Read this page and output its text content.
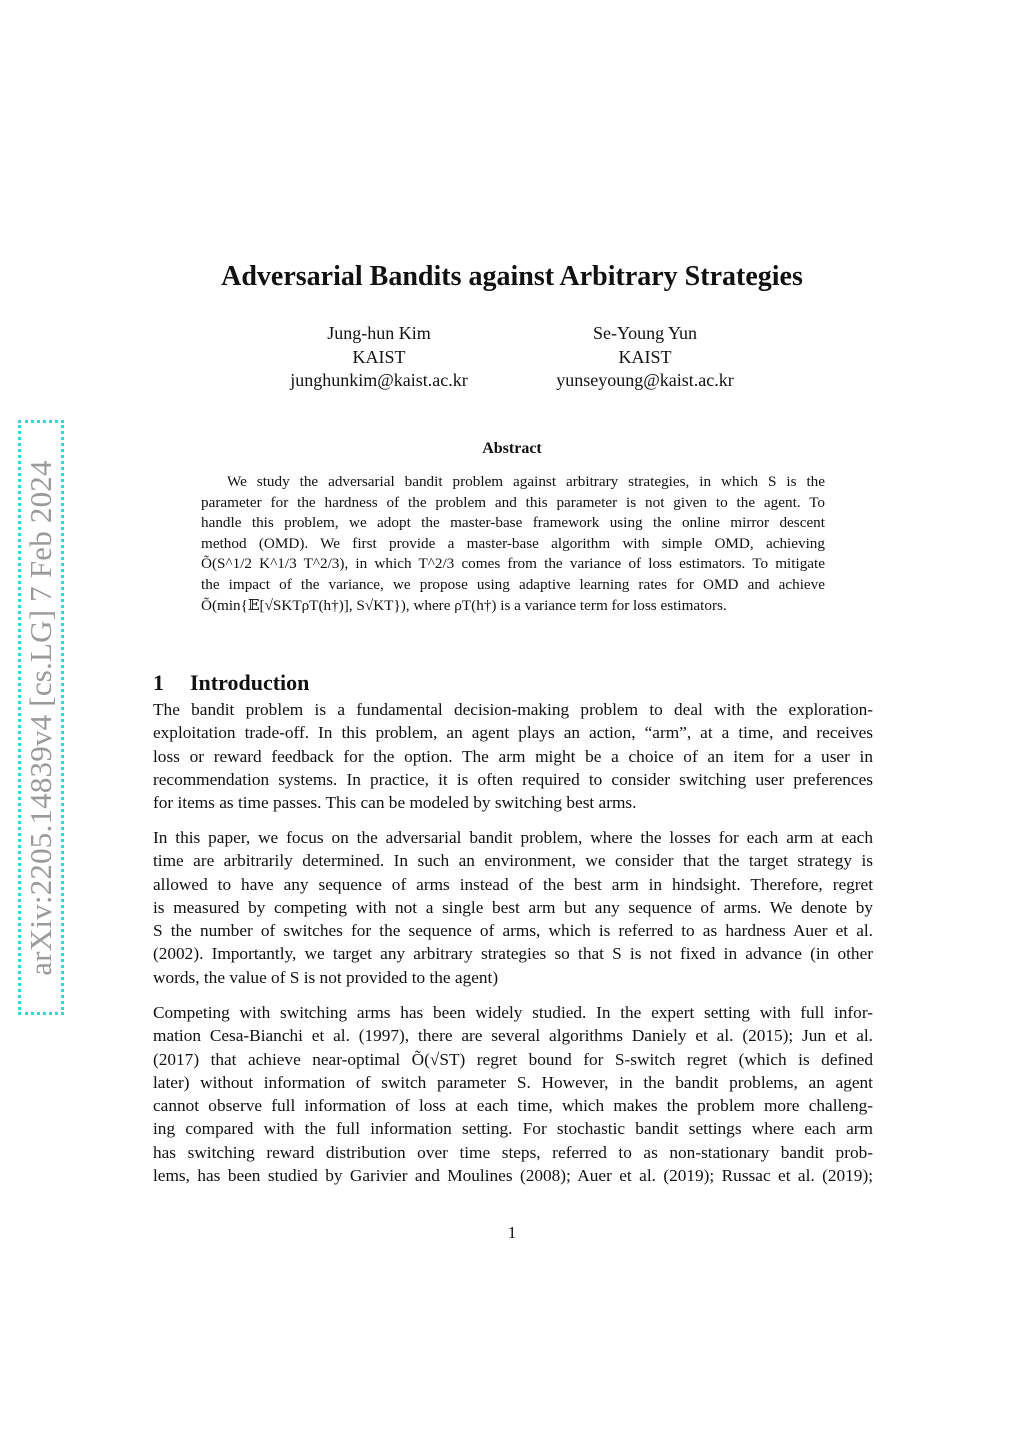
arXiv:2205.14839v4 [cs.LG] 7 Feb 2024
Adversarial Bandits against Arbitrary Strategies
Jung-hun Kim
KAIST
junghunkim@kaist.ac.kr
Se-Young Yun
KAIST
yunseyoung@kaist.ac.kr
Abstract
We study the adversarial bandit problem against arbitrary strategies, in which S is the
parameter for the hardness of the problem and this parameter is not given to the agent. To
handle this problem, we adopt the master-base framework using the online mirror descent
method (OMD). We first provide a master-base algorithm with simple OMD, achieving
Õ(S^1/2 K^1/3 T^2/3), in which T^2/3 comes from the variance of loss estimators. To mitigate
the impact of the variance, we propose using adaptive learning rates for OMD and achieve
Õ(min{𝔼[√SKTρT(h†)], S√KT}), where ρT(h†) is a variance term for loss estimators.
1 Introduction
The bandit problem is a fundamental decision-making problem to deal with the exploration-
exploitation trade-off. In this problem, an agent plays an action, “arm”, at a time, and receives
loss or reward feedback for the option. The arm might be a choice of an item for a user in
recommendation systems. In practice, it is often required to consider switching user preferences
for items as time passes. This can be modeled by switching best arms.
In this paper, we focus on the adversarial bandit problem, where the losses for each arm at each
time are arbitrarily determined. In such an environment, we consider that the target strategy is
allowed to have any sequence of arms instead of the best arm in hindsight. Therefore, regret
is measured by competing with not a single best arm but any sequence of arms. We denote by
S the number of switches for the sequence of arms, which is referred to as hardness Auer et al.
(2002). Importantly, we target any arbitrary strategies so that S is not fixed in advance (in other
words, the value of S is not provided to the agent)
Competing with switching arms has been widely studied. In the expert setting with full infor-
mation Cesa-Bianchi et al. (1997), there are several algorithms Daniely et al. (2015); Jun et al.
(2017) that achieve near-optimal Õ(√ST) regret bound for S-switch regret (which is defined
later) without information of switch parameter S. However, in the bandit problems, an agent
cannot observe full information of loss at each time, which makes the problem more challeng-
ing compared with the full information setting. For stochastic bandit settings where each arm
has switching reward distribution over time steps, referred to as non-stationary bandit prob-
lems, has been studied by Garivier and Moulines (2008); Auer et al. (2019); Russac et al. (2019);
1
